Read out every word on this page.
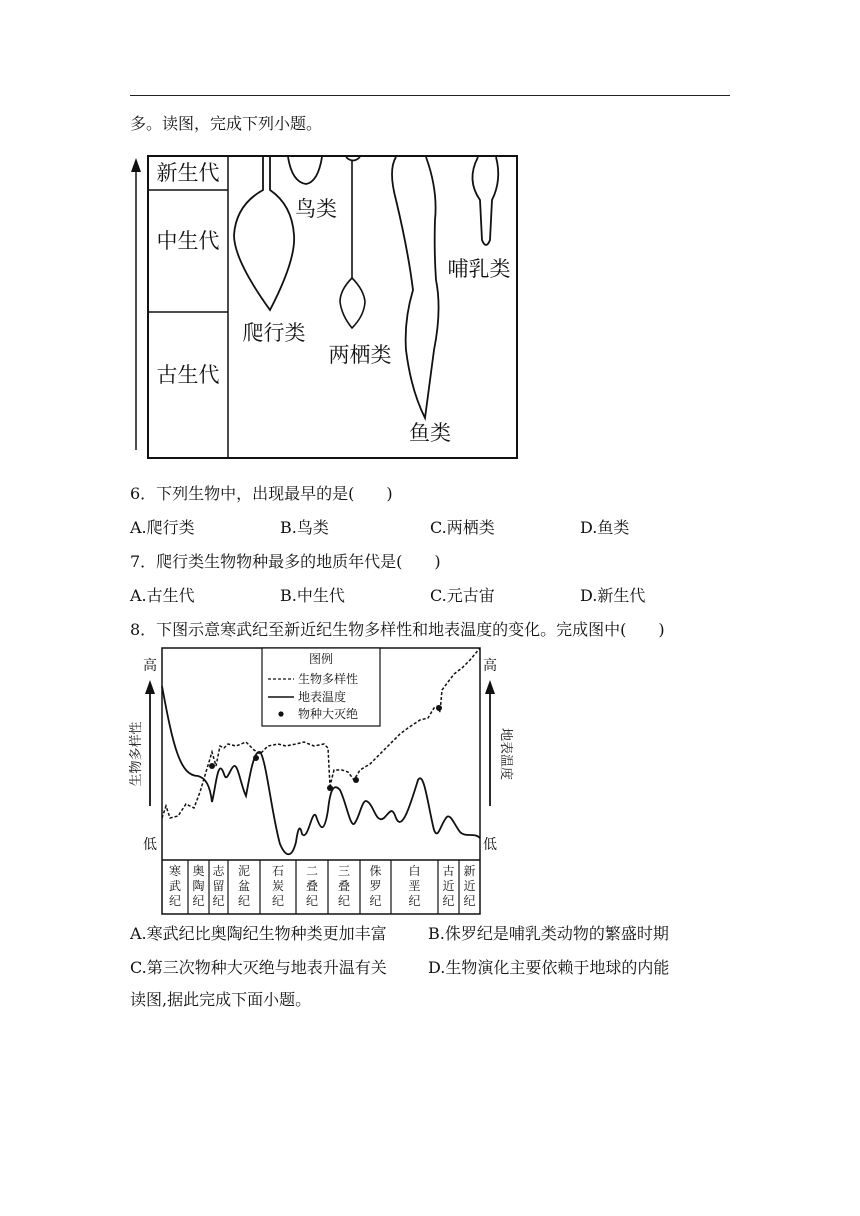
多。读图，完成下列小题。
新生代
中生代
古生代
鸟类
哺乳类
爬行类
两栖类
鱼类
6．下列生物中，出现最早的是(　　)
A.爬行类	B.鸟类	C.两栖类	D.鱼类
7．爬行类生物物种最多的地质年代是(　　)
A.古生代	B.中生代	C.元古宙	D.新生代
8．下图示意寒武纪至新近纪生物多样性和地表温度的变化。完成图中(　　)
高
生物多样性
低
高
地表温度
低
图例
生物多样性
地表温度
物种大灭绝
寒武纪
奥陶纪
志留纪
泥盆纪
石炭纪
二叠纪
三叠纪
侏罗纪
白垩纪
古近纪
新近纪
A.寒武纪比奥陶纪生物种类更加丰富	B.侏罗纪是哺乳类动物的繁盛时期
C.第三次物种大灭绝与地表升温有关	D.生物演化主要依赖于地球的内能
读图,据此完成下面小题。
